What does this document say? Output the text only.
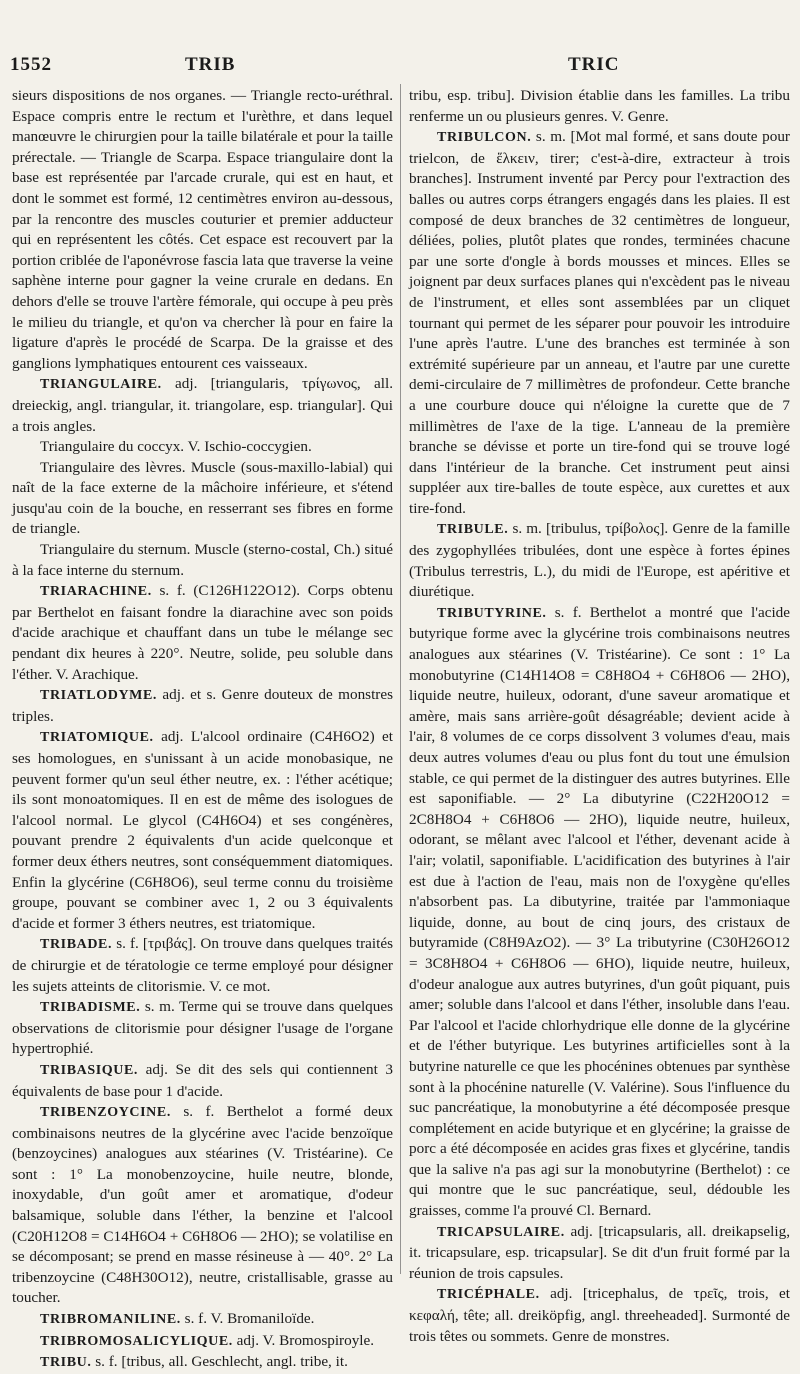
1552	TRIB	TRIC

sieurs dispositions de nos organes. — Triangle recto-uréthral. Espace compris entre le rectum et l'urèthre, et dans lequel manœuvre le chirurgien pour la taille bilatérale et pour la taille prérectale. — Triangle de Scarpa. Espace triangulaire dont la base est représentée par l'arcade crurale, qui est en haut, et dont le sommet est formé, 12 centimètres environ au-dessous, par la rencontre des muscles couturier et premier adducteur qui en représentent les côtés. Cet espace est recouvert par la portion criblée de l'aponévrose fascia lata que traverse la veine saphène interne pour gagner la veine crurale en dedans. En dehors d'elle se trouve l'artère fémorale, qui occupe à peu près le milieu du triangle, et qu'on va chercher là pour en faire la ligature d'après le procédé de Scarpa. De la graisse et des ganglions lymphatiques entourent ces vaisseaux.

TRIANGULAIRE. adj. [triangularis, τρίγωνος, all. dreieckig, angl. triangular, it. triangolare, esp. triangular]. Qui a trois angles.

Triangulaire du coccyx. V. Ischio-coccygien.

Triangulaire des lèvres. Muscle (sous-maxillo-labial) qui naît de la face externe de la mâchoire inférieure, et s'étend jusqu'au coin de la bouche, en resserrant ses fibres en forme de triangle.

Triangulaire du sternum. Muscle (sterno-costal, Ch.) situé à la face interne du sternum.

TRIARACHINE. s. f. (C126H122O12). Corps obtenu par Berthelot en faisant fondre la diarachine avec son poids d'acide arachique et chauffant dans un tube le mélange sec pendant dix heures à 220°. Neutre, solide, peu soluble dans l'éther. V. Arachique.

TRIATLODYME. adj. et s. Genre douteux de monstres triples.

TRIATOMIQUE. adj. L'alcool ordinaire (C4H6O2) et ses homologues, en s'unissant à un acide monobasique, ne peuvent former qu'un seul éther neutre, ex. : l'éther acétique; ils sont monoatomiques. Il en est de même des isologues de l'alcool normal. Le glycol (C4H6O4) et ses congénères, pouvant prendre 2 équivalents d'un acide quelconque et former deux éthers neutres, sont conséquemment diatomiques. Enfin la glycérine (C6H8O6), seul terme connu du troisième groupe, pouvant se combiner avec 1, 2 ou 3 équivalents d'acide et former 3 éthers neutres, est triatomique.

TRIBADE. s. f. [τριβάς]. On trouve dans quelques traités de chirurgie et de tératologie ce terme employé pour désigner les sujets atteints de clitorismie. V. ce mot.

TRIBADISME. s. m. Terme qui se trouve dans quelques observations de clitorismie pour désigner l'usage de l'organe hypertrophié.

TRIBASIQUE. adj. Se dit des sels qui contiennent 3 équivalents de base pour 1 d'acide.

TRIBENZOYCINE. s. f. Berthelot a formé deux combinaisons neutres de la glycérine avec l'acide benzoïque (benzoycines) analogues aux stéarines (V. Tristéarine). Ce sont : 1° La monobenzoycine, huile neutre, blonde, inoxydable, d'un goût amer et aromatique, d'odeur balsamique, soluble dans l'éther, la benzine et l'alcool (C20H12O8 = C14H6O4 + C6H8O6 — 2HO); se volatilise en se décomposant; se prend en masse résineuse à — 40°. 2° La tribenzoycine (C48H30O12), neutre, cristallisable, grasse au toucher.

TRIBROMANILINE. s. f. V. Bromaniloïde.

TRIBROMOSALICYLIQUE. adj. V. Bromospiroyle.

TRIBU. s. f. [tribus, all. Geschlecht, angl. tribe, it.

tribu, esp. tribu]. Division établie dans les familles. La tribu renferme un ou plusieurs genres. V. Genre.

TRIBULCON. s. m. [Mot mal formé, et sans doute pour trielcon, de ἕλκειν, tirer; c'est-à-dire, extracteur à trois branches]. Instrument inventé par Percy pour l'extraction des balles ou autres corps étrangers engagés dans les plaies. Il est composé de deux branches de 32 centimètres de longueur, déliées, polies, plutôt plates que rondes, terminées chacune par une sorte d'ongle à bords mousses et minces. Elles se joignent par deux surfaces planes qui n'excèdent pas le niveau de l'instrument, et elles sont assemblées par un cliquet tournant qui permet de les séparer pour pouvoir les introduire l'une après l'autre. L'une des branches est terminée à son extrémité supérieure par un anneau, et l'autre par une curette demi-circulaire de 7 millimètres de profondeur. Cette branche a une courbure douce qui n'éloigne la curette que de 7 millimètres de l'axe de la tige. L'anneau de la première branche se dévisse et porte un tire-fond qui se trouve logé dans l'intérieur de la branche. Cet instrument peut ainsi suppléer aux tire-balles de toute espèce, aux curettes et aux tire-fond.

TRIBULE. s. m. [tribulus, τρίβολος]. Genre de la famille des zygophyllées tribulées, dont une espèce à fortes épines (Tribulus terrestris, L.), du midi de l'Europe, est apéritive et diurétique.

TRIBUTYRINE. s. f. Berthelot a montré que l'acide butyrique forme avec la glycérine trois combinaisons neutres analogues aux stéarines (V. Tristéarine). Ce sont : 1° La monobutyrine (C14H14O8 = C8H8O4 + C6H8O6 — 2HO), liquide neutre, huileux, odorant, d'une saveur aromatique et amère, mais sans arrière-goût désagréable; devient acide à l'air, 8 volumes de ce corps dissolvent 3 volumes d'eau, mais deux autres volumes d'eau ou plus font du tout une émulsion stable, ce qui permet de la distinguer des autres butyrines. Elle est saponifiable. — 2° La dibutyrine (C22H20O12 = 2C8H8O4 + C6H8O6 — 2HO), liquide neutre, huileux, odorant, se mêlant avec l'alcool et l'éther, devenant acide à l'air; volatil, saponifiable. L'acidification des butyrines à l'air est due à l'action de l'eau, mais non de l'oxygène qu'elles n'absorbent pas. La dibutyrine, traitée par l'ammoniaque liquide, donne, au bout de cinq jours, des cristaux de butyramide (C8H9AzO2). — 3° La tributyrine (C30H26O12 = 3C8H8O4 + C6H8O6 — 6HO), liquide neutre, huileux, d'odeur analogue aux autres butyrines, d'un goût piquant, puis amer; soluble dans l'alcool et dans l'éther, insoluble dans l'eau. Par l'alcool et l'acide chlorhydrique elle donne de la glycérine et de l'éther butyrique. Les butyrines artificielles sont à la butyrine naturelle ce que les phocénines obtenues par synthèse sont à la phocénine naturelle (V. Valérine). Sous l'influence du suc pancréatique, la monobutyrine a été décomposée presque complétement en acide butyrique et en glycérine; la graisse de porc a été décomposée en acides gras fixes et glycérine, tandis que la salive n'a pas agi sur la monobutyrine (Berthelot) : ce qui montre que le suc pancréatique, seul, dédouble les graisses, comme l'a prouvé Cl. Bernard.

TRICAPSULAIRE. adj. [tricapsularis, all. dreikapselig, it. tricapsulare, esp. tricapsular]. Se dit d'un fruit formé par la réunion de trois capsules.

TRICÉPHALE. adj. [tricephalus, de τρεῖς, trois, et κεφαλή, tête; all. dreiköpfig, angl. threeheaded]. Surmonté de trois têtes ou sommets. Genre de monstres.
